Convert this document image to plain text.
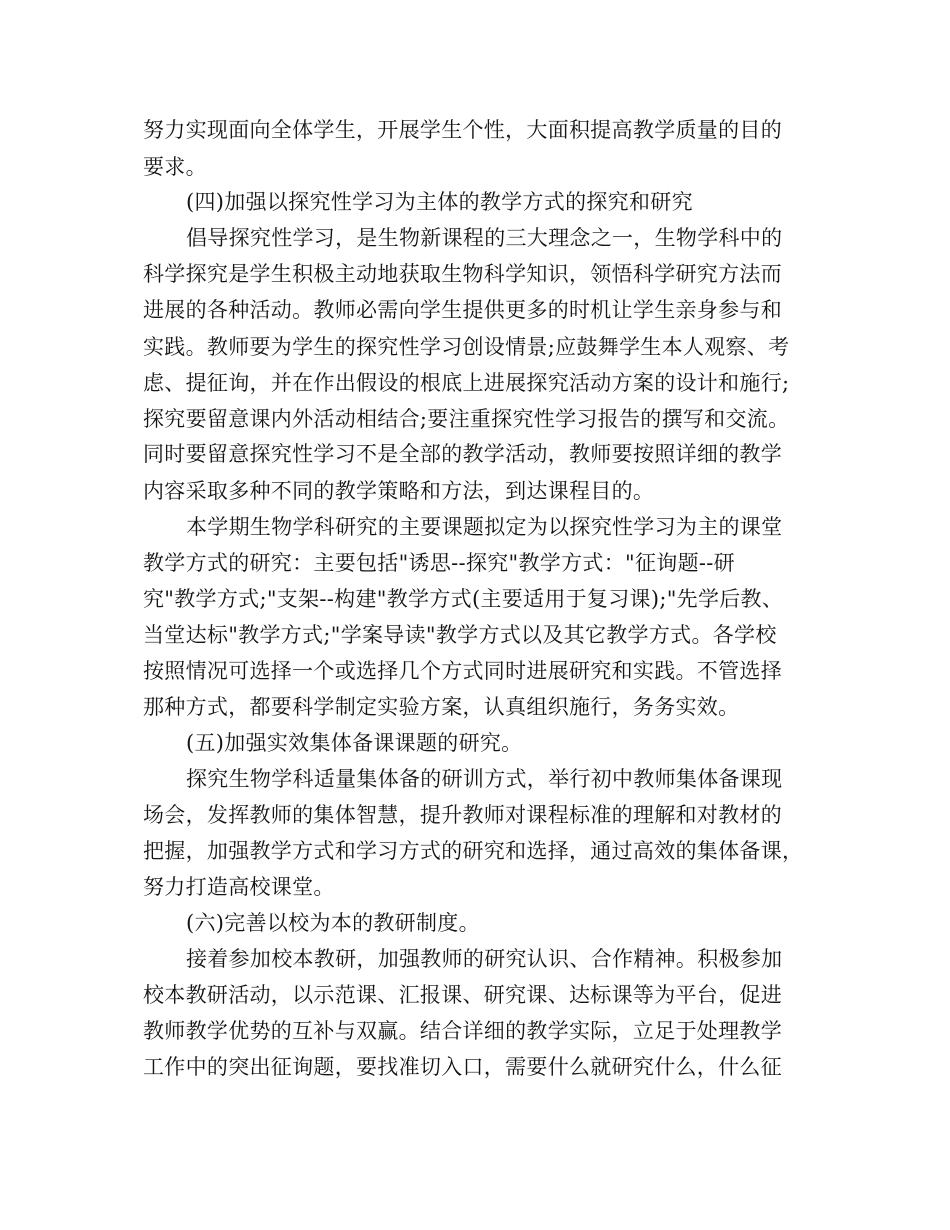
努力实现面向全体学生，开展学生个性，大面积提高教学质量的目的
要求。
(四)加强以探究性学习为主体的教学方式的探究和研究
倡导探究性学习，是生物新课程的三大理念之一，生物学科中的
科学探究是学生积极主动地获取生物科学知识，领悟科学研究方法而
进展的各种活动。教师必需向学生提供更多的时机让学生亲身参与和
实践。教师要为学生的探究性学习创设情景;应鼓舞学生本人观察、考
虑、提征询，并在作出假设的根底上进展探究活动方案的设计和施行;
探究要留意课内外活动相结合;要注重探究性学习报告的撰写和交流。
同时要留意探究性学习不是全部的教学活动，教师要按照详细的教学
内容采取多种不同的教学策略和方法，到达课程目的。
本学期生物学科研究的主要课题拟定为以探究性学习为主的课堂
教学方式的研究：主要包括"诱思--探究"教学方式："征询题--研
究"教学方式;"支架--构建"教学方式(主要适用于复习课);"先学后教、
当堂达标"教学方式;"学案导读"教学方式以及其它教学方式。各学校
按照情况可选择一个或选择几个方式同时进展研究和实践。不管选择
那种方式，都要科学制定实验方案，认真组织施行，务务实效。
(五)加强实效集体备课课题的研究。
探究生物学科适量集体备的研训方式，举行初中教师集体备课现
场会，发挥教师的集体智慧，提升教师对课程标准的理解和对教材的
把握，加强教学方式和学习方式的研究和选择，通过高效的集体备课，
努力打造高校课堂。
(六)完善以校为本的教研制度。
接着参加校本教研，加强教师的研究认识、合作精神。积极参加
校本教研活动，以示范课、汇报课、研究课、达标课等为平台，促进
教师教学优势的互补与双赢。结合详细的教学实际，立足于处理教学
工作中的突出征询题，要找准切入口，需要什么就研究什么，什么征
